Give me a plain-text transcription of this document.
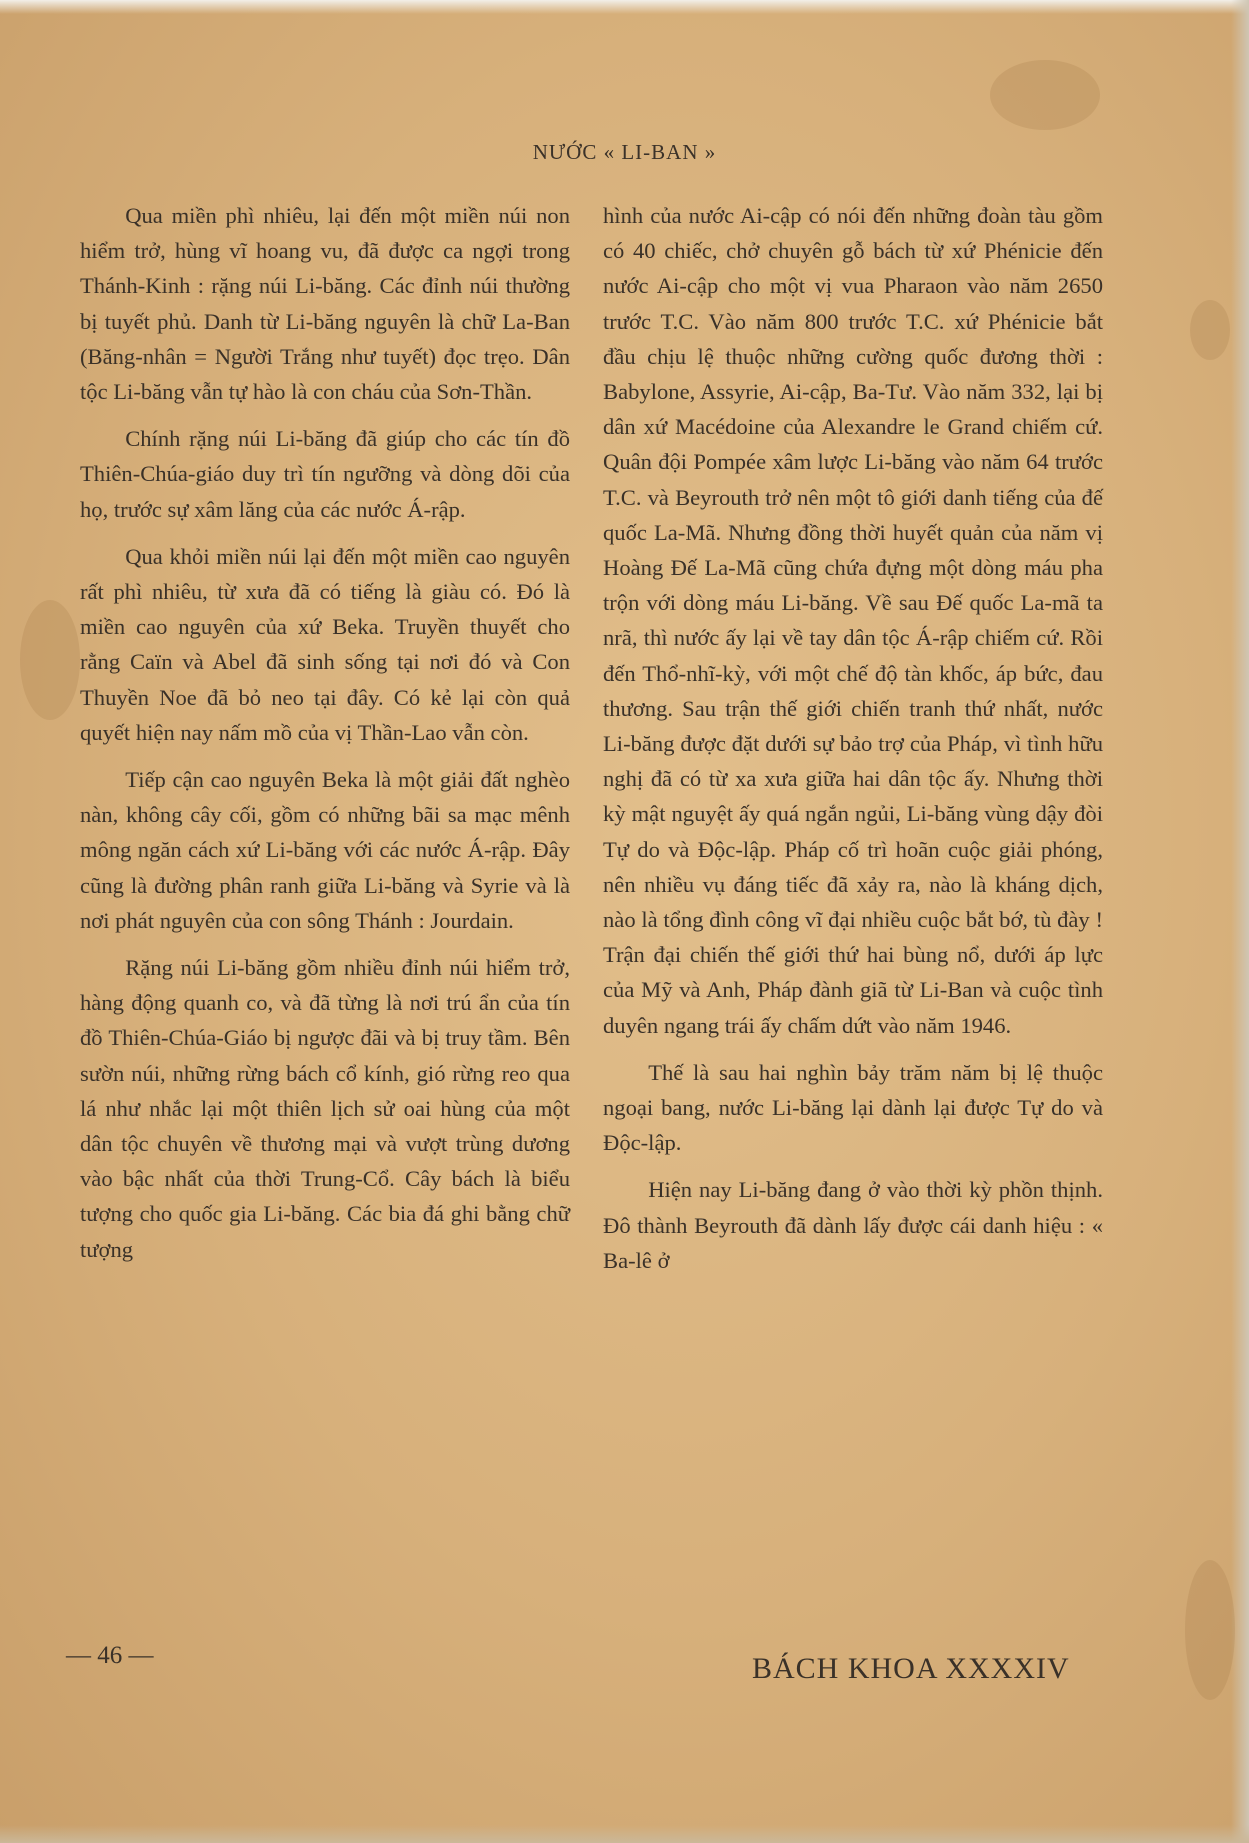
NƯỚC « LI-BAN »

Qua miền phì nhiêu, lại đến một miền núi non hiểm trở, hùng vĩ hoang vu, đã được ca ngợi trong Thánh-Kinh : rặng núi Li-băng. Các đỉnh núi thường bị tuyết phủ. Danh từ Li-băng nguyên là chữ La-Ban (Băng-nhân = Người Trắng như tuyết) đọc trẹo. Dân tộc Li-băng vẫn tự hào là con cháu của Sơn-Thần.

Chính rặng núi Li-băng đã giúp cho các tín đồ Thiên-Chúa-giáo duy trì tín ngưỡng và dòng dõi của họ, trước sự xâm lăng của các nước Á-rập.

Qua khỏi miền núi lại đến một miền cao nguyên rất phì nhiêu, từ xưa đã có tiếng là giàu có. Đó là miền cao nguyên của xứ Beka. Truyền thuyết cho rằng Caïn và Abel đã sinh sống tại nơi đó và Con Thuyền Noe đã bỏ neo tại đây. Có kẻ lại còn quả quyết hiện nay nấm mồ của vị Thần-Lao vẫn còn.

Tiếp cận cao nguyên Beka là một giải đất nghèo nàn, không cây cối, gồm có những bãi sa mạc mênh mông ngăn cách xứ Li-băng với các nước Á-rập. Đây cũng là đường phân ranh giữa Li-băng và Syrie và là nơi phát nguyên của con sông Thánh : Jourdain.

Rặng núi Li-băng gồm nhiều đỉnh núi hiểm trở, hàng động quanh co, và đã từng là nơi trú ẩn của tín đồ Thiên-Chúa-Giáo bị ngược đãi và bị truy tầm. Bên sườn núi, những rừng bách cổ kính, gió rừng reo qua lá như nhắc lại một thiên lịch sử oai hùng của một dân tộc chuyên về thương mại và vượt trùng dương vào bậc nhất của thời Trung-Cổ. Cây bách là biểu tượng cho quốc gia Li-băng. Các bia đá ghi bằng chữ tượng

hình của nước Ai-cập có nói đến những đoàn tàu gồm có 40 chiếc, chở chuyên gỗ bách từ xứ Phénicie đến nước Ai-cập cho một vị vua Pharaon vào năm 2650 trước T.C. Vào năm 800 trước T.C. xứ Phénicie bắt đầu chịu lệ thuộc những cường quốc đương thời : Babylone, Assyrie, Ai-cập, Ba-Tư. Vào năm 332, lại bị dân xứ Macédoine của Alexandre le Grand chiếm cứ. Quân đội Pompée xâm lược Li-băng vào năm 64 trước T.C. và Beyrouth trở nên một tô giới danh tiếng của đế quốc La-Mã. Nhưng đồng thời huyết quản của năm vị Hoàng Đế La-Mã cũng chứa đựng một dòng máu pha trộn với dòng máu Li-băng. Về sau Đế quốc La-mã ta nrã, thì nước ấy lại về tay dân tộc Á-rập chiếm cứ. Rồi đến Thổ-nhĩ-kỳ, với một chế độ tàn khốc, áp bức, đau thương. Sau trận thế giới chiến tranh thứ nhất, nước Li-băng được đặt dưới sự bảo trợ của Pháp, vì tình hữu nghị đã có từ xa xưa giữa hai dân tộc ấy. Nhưng thời kỳ mật nguyệt ấy quá ngắn ngủi, Li-băng vùng dậy đòi Tự do và Độc-lập. Pháp cố trì hoãn cuộc giải phóng, nên nhiều vụ đáng tiếc đã xảy ra, nào là kháng dịch, nào là tổng đình công vĩ đại nhiều cuộc bắt bớ, tù đày ! Trận đại chiến thế giới thứ hai bùng nổ, dưới áp lực của Mỹ và Anh, Pháp đành giã từ Li-Ban và cuộc tình duyên ngang trái ấy chấm dứt vào năm 1946.

Thế là sau hai nghìn bảy trăm năm bị lệ thuộc ngoại bang, nước Li-băng lại dành lại được Tự do và Độc-lập.

Hiện nay Li-băng đang ở vào thời kỳ phồn thịnh. Đô thành Beyrouth đã dành lấy được cái danh hiệu : « Ba-lê ở

— 46 —	BÁCH KHOA XXXXIV
